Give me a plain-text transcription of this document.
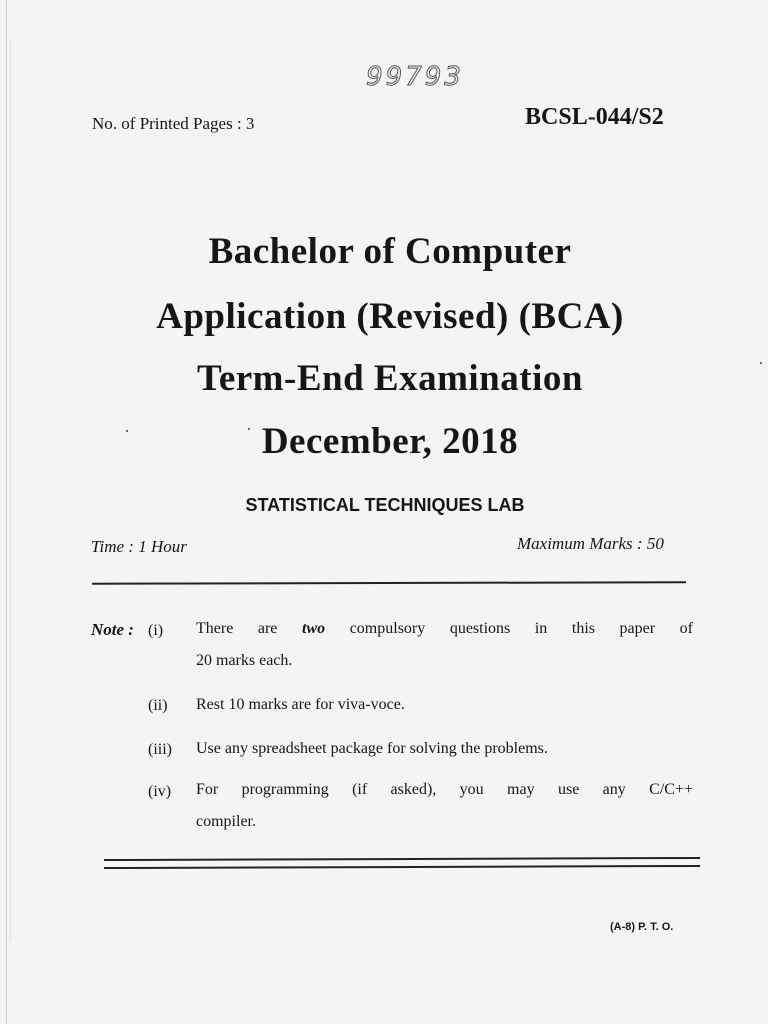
99793
No. of Printed Pages : 3	BCSL-044/S2
Bachelor of Computer
Application (Revised) (BCA)
Term-End Examination
December, 2018
STATISTICAL TECHNIQUES LAB
Time : 1 Hour	Maximum Marks : 50
Note : (i) There are two compulsory questions in this paper of
20 marks each.
(ii) Rest 10 marks are for viva-voce.
(iii) Use any spreadsheet package for solving the problems.
(iv) For programming (if asked), you may use any C/C++
compiler.
(A-8) P. T. O.
